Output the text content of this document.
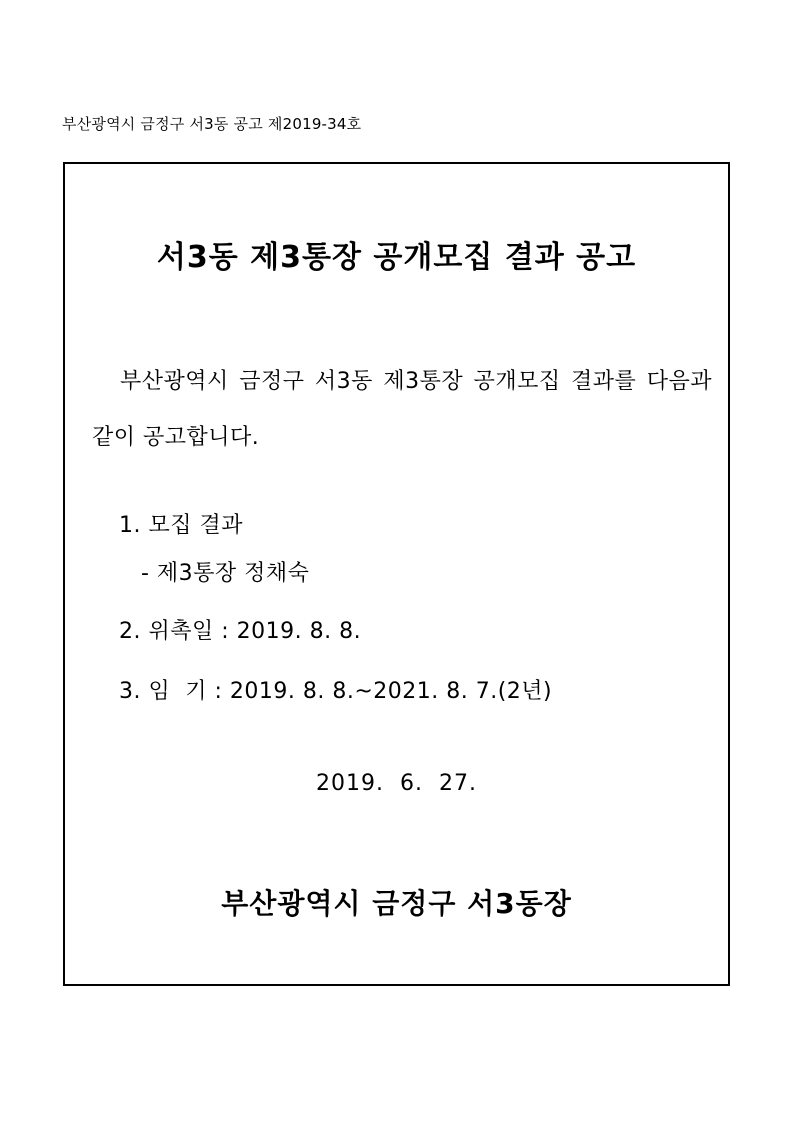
부산광역시 금정구 서3동 공고 제2019-34호
서3동 제3통장 공개모집 결과 공고
부산광역시 금정구 서3동 제3통장 공개모집 결과를 다음과 같이 공고합니다.
1. 모집 결과
- 제3통장 정채숙
2. 위촉일 : 2019. 8. 8.
3. 임  기 : 2019. 8. 8.~2021. 8. 7.(2년)
2019.  6.  27.
부산광역시 금정구 서3동장
